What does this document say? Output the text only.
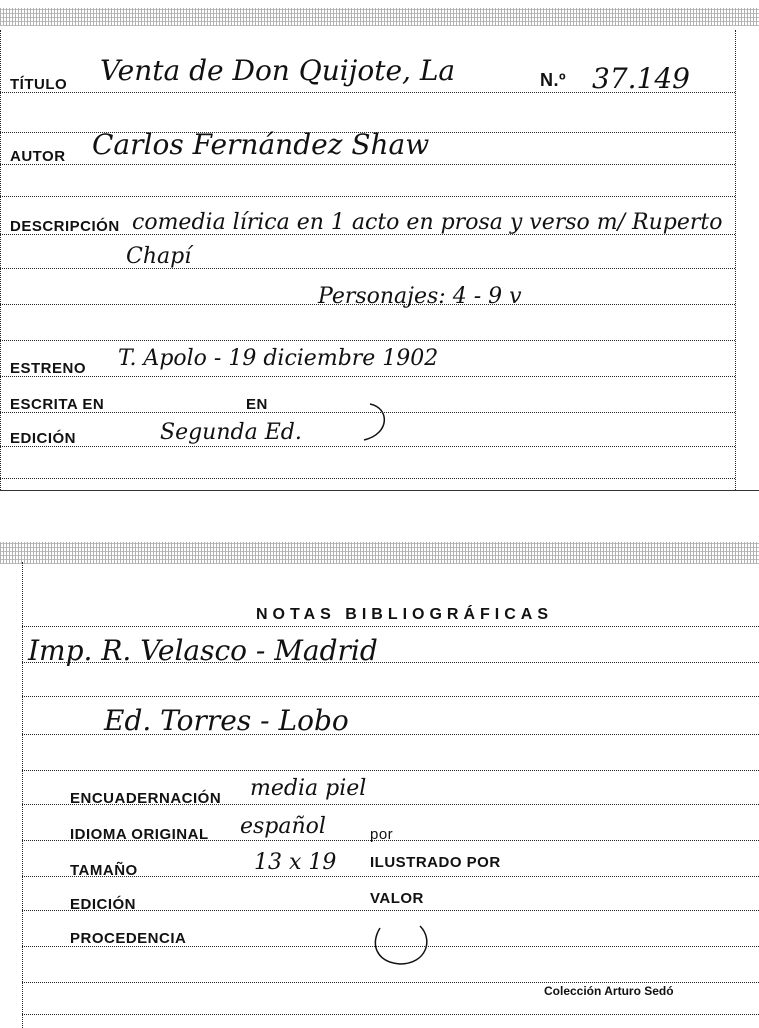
TÍTULO Venta de Don Quijote, La	N.º 37.149
AUTOR Carlos Fernández Shaw
DESCRIPCIÓN comedia lírica en 1 acto en prosa y verso m/ Ruperto
Chapí
Personajes: 4 - 9 v
ESTRENO T. Apolo - 19 diciembre 1902
ESCRITA EN	EN
EDICIÓN	Segunda Ed.
NOTAS BIBLIOGRÁFICAS
Imp. R. Velasco - Madrid
Ed. Torres - Lobo
ENCUADERNACIÓN media piel
IDIOMA ORIGINAL español	por
TAMAÑO	13 x 19 ILUSTRADO POR
EDICIÓN	VALOR
PROCEDENCIA
Colección Arturo Sedó
